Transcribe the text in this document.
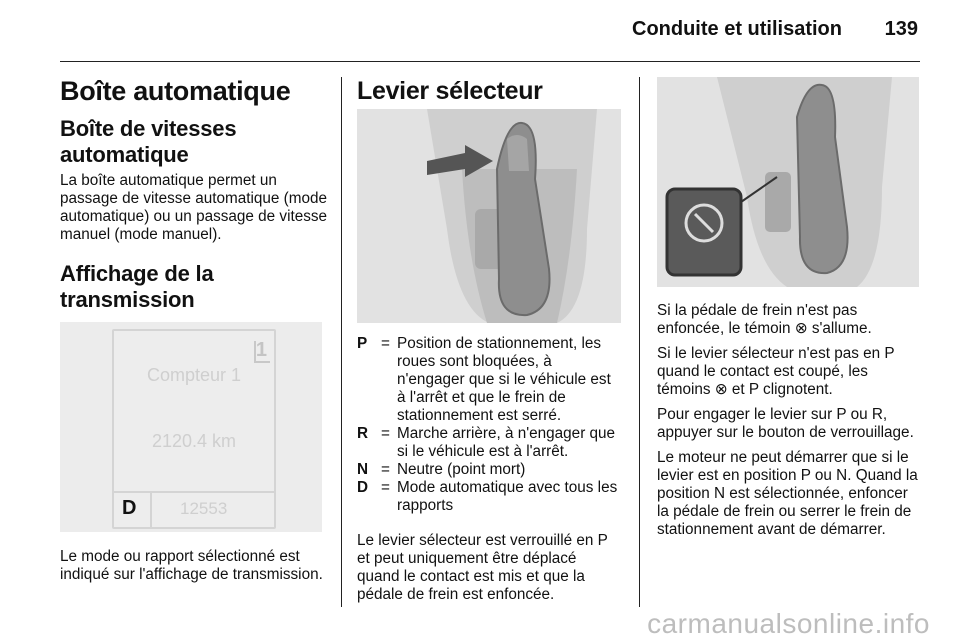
Conduite et utilisation 139
Boîte automatique
Boîte de vitesses automatique

La boîte automatique permet un passage de vitesse automatique (mode automatique) ou un passage de vitesse manuel (mode manuel).

Affichage de la transmission
1
Compteur 1
2120.4 km
D	12553

Le mode ou rapport sélectionné est indiqué sur l'affichage de transmission.

Levier sélecteur
P = Position de stationnement, les roues sont bloquées, à n'engager que si le véhicule est à l'arrêt et que le frein de stationnement est serré.
R = Marche arrière, à n'engager que si le véhicule est à l'arrêt.
N = Neutre (point mort)
D = Mode automatique avec tous les rapports

Le levier sélecteur est verrouillé en P et peut uniquement être déplacé quand le contact est mis et que la pédale de frein est enfoncée.

Si la pédale de frein n'est pas enfoncée, le témoin ⊗ s'allume.

Si le levier sélecteur n'est pas en P quand le contact est coupé, les témoins ⊗ et P clignotent.

Pour engager le levier sur P ou R, appuyer sur le bouton de verrouillage.

Le moteur ne peut démarrer que si le levier est en position P ou N. Quand la position N est sélectionnée, enfoncer la pédale de frein ou serrer le frein de stationnement avant de démarrer.

carmanualsonline.info
